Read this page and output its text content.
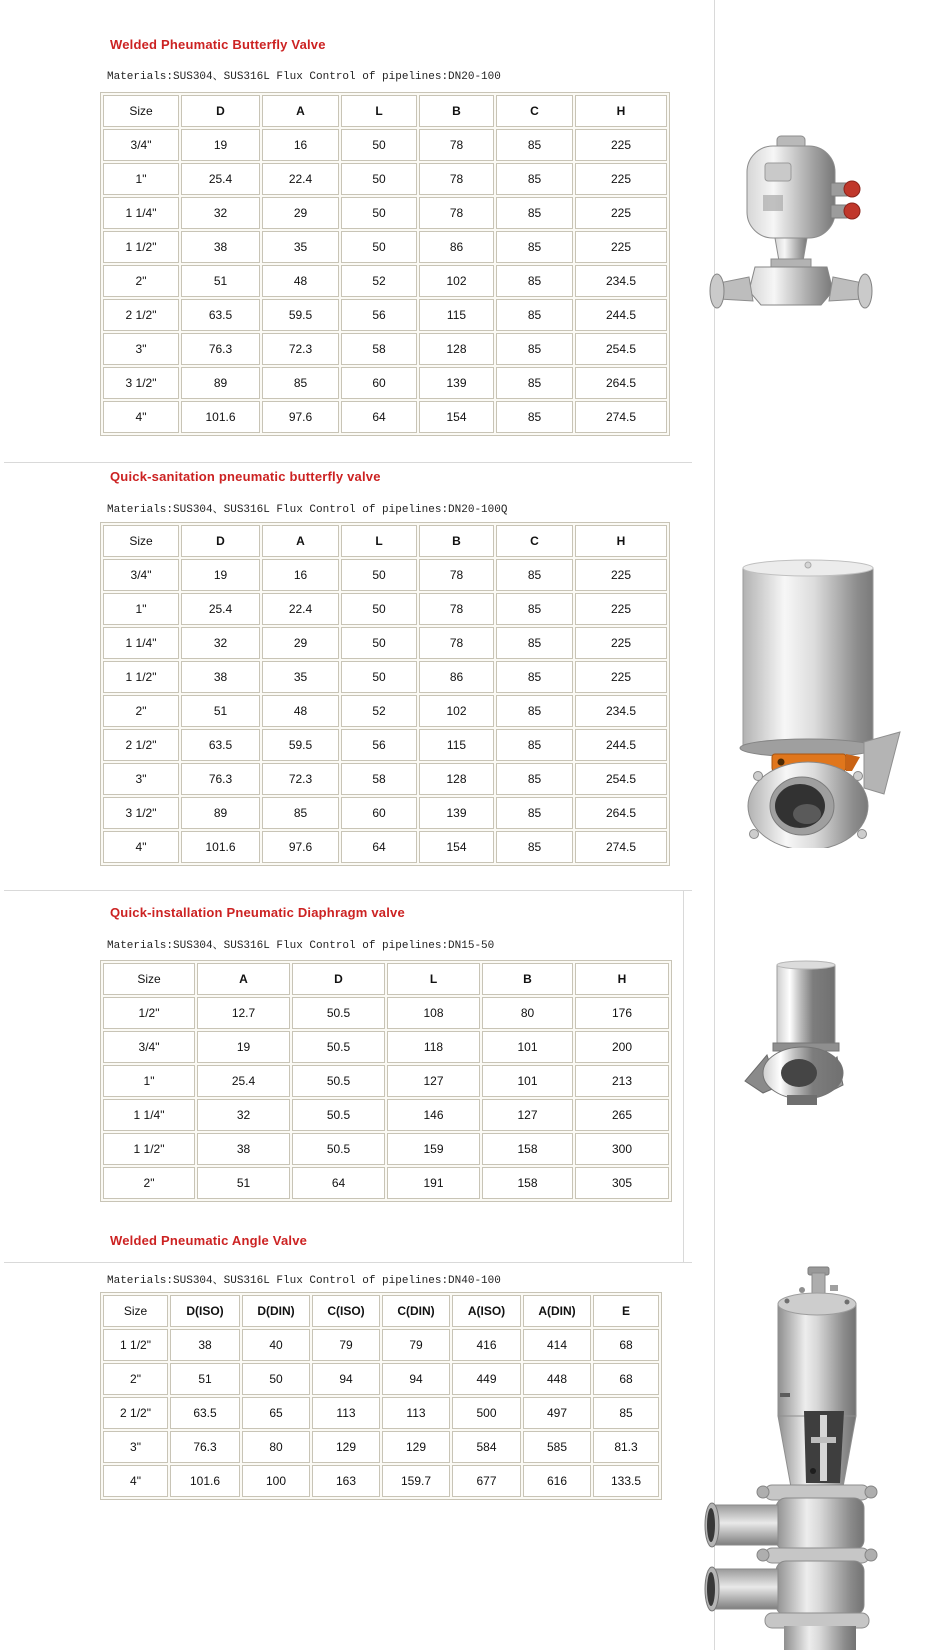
Welded Pheumatic Butterfly Valve
Materials:SUS304、SUS316L Flux Control of pipelines:DN20-100
Size	D	A	L	B	C	H
3/4"	19	16	50	78	85	225
1"	25.4	22.4	50	78	85	225
1 1/4"	32	29	50	78	85	225
1 1/2"	38	35	50	86	85	225
2"	51	48	52	102	85	234.5
2 1/2"	63.5	59.5	56	115	85	244.5
3"	76.3	72.3	58	128	85	254.5
3 1/2"	89	85	60	139	85	264.5
4"	101.6	97.6	64	154	85	274.5
Quick-sanitation pneumatic butterfly valve
Materials:SUS304、SUS316L Flux Control of pipelines:DN20-100Q
Size	D	A	L	B	C	H
3/4"	19	16	50	78	85	225
1"	25.4	22.4	50	78	85	225
1 1/4"	32	29	50	78	85	225
1 1/2"	38	35	50	86	85	225
2"	51	48	52	102	85	234.5
2 1/2"	63.5	59.5	56	115	85	244.5
3"	76.3	72.3	58	128	85	254.5
3 1/2"	89	85	60	139	85	264.5
4"	101.6	97.6	64	154	85	274.5
Quick-installation Pneumatic Diaphragm valve
Materials:SUS304、SUS316L Flux Control of pipelines:DN15-50
Size	A	D	L	B	H
1/2"	12.7	50.5	108	80	176
3/4"	19	50.5	118	101	200
1"	25.4	50.5	127	101	213
1 1/4"	32	50.5	146	127	265
1 1/2"	38	50.5	159	158	300
2"	51	64	191	158	305
Welded Pneumatic Angle Valve
Materials:SUS304、SUS316L Flux Control of pipelines:DN40-100
Size	D(ISO)	D(DIN)	C(ISO)	C(DIN)	A(ISO)	A(DIN)	E
1 1/2"	38	40	79	79	416	414	68
2"	51	50	94	94	449	448	68
2 1/2"	63.5	65	113	113	500	497	85
3"	76.3	80	129	129	584	585	81.3
4"	101.6	100	163	159.7	677	616	133.5
